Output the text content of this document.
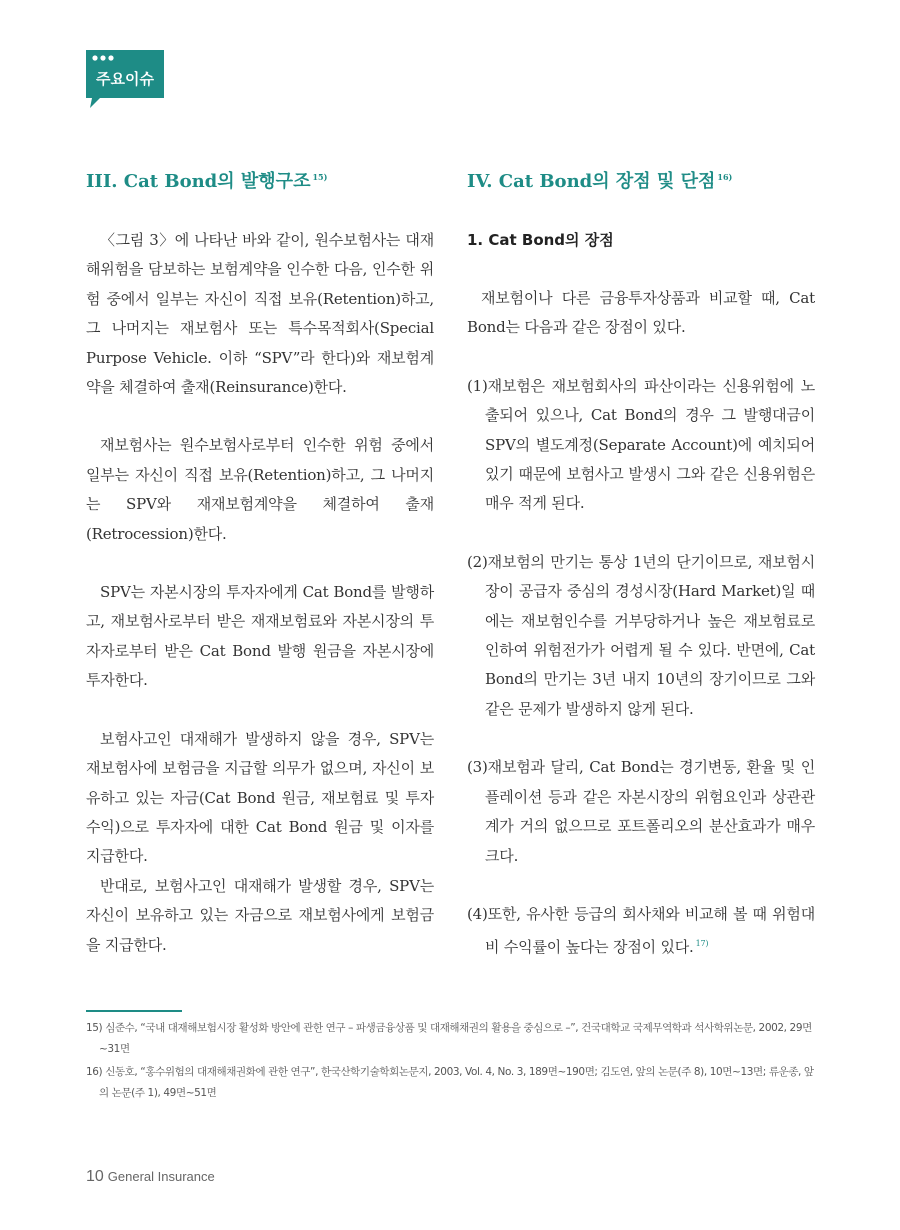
주요이슈
III. Cat Bond의 발행구조 $^{15)}$

〈그림 3〉에 나타난 바와 같이, 원수보험사는 대재해위험을 담보하는 보험계약을 인수한 다음, 인수한 위험 중에서 일부는 자신이 직접 보유(Retention)하고, 그 나머지는 재보험사 또는 특수목적회사(Special Purpose Vehicle. 이하 “SPV”라 한다)와 재보험계약을 체결하여 출재(Reinsurance)한다.

재보험사는 원수보험사로부터 인수한 위험 중에서 일부는 자신이 직접 보유(Retention)하고, 그 나머지는 SPV와 재재보험계약을 체결하여 출재(Retrocession)한다.

SPV는 자본시장의 투자자에게 Cat Bond를 발행하고, 재보험사로부터 받은 재재보험료와 자본시장의 투자자로부터 받은 Cat Bond 발행 원금을 자본시장에 투자한다.

보험사고인 대재해가 발생하지 않을 경우, SPV는 재보험사에 보험금을 지급할 의무가 없으며, 자신이 보유하고 있는 자금(Cat Bond 원금, 재보험료 및 투자수익)으로 투자자에 대한 Cat Bond 원금 및 이자를 지급한다.

반대로, 보험사고인 대재해가 발생할 경우, SPV는 자신이 보유하고 있는 자금으로 재보험사에게 보험금을 지급한다.

IV. Cat Bond의 장점 및 단점 $^{16)}$

1. Cat Bond의 장점

재보험이나 다른 금융투자상품과 비교할 때, Cat Bond는 다음과 같은 장점이 있다.

(1)재보험은 재보험회사의 파산이라는 신용위험에 노출되어 있으나, Cat Bond의 경우 그 발행대금이 SPV의 별도계정(Separate Account)에 예치되어 있기 때문에 보험사고 발생시 그와 같은 신용위험은 매우 적게 된다.

(2)재보험의 만기는 통상 1년의 단기이므로, 재보험시장이 공급자 중심의 경성시장(Hard Market)일 때에는 재보험인수를 거부당하거나 높은 재보험료로 인하여 위험전가가 어렵게 될 수 있다. 반면에, Cat Bond의 만기는 3년 내지 10년의 장기이므로 그와 같은 문제가 발생하지 않게 된다.

(3)재보험과 달리, Cat Bond는 경기변동, 환율 및 인플레이션 등과 같은 자본시장의 위험요인과 상관관계가 거의 없으므로 포트폴리오의 분산효과가 매우 크다.

(4)또한, 유사한 등급의 회사채와 비교해 볼 때 위험대비 수익률이 높다는 장점이 있다. $^{17)}$

15) 심준수, “국내 대재해보험시장 활성화 방안에 관한 연구 – 파생금융상품 및 대재해채권의 활용을 중심으로 –”, 건국대학교 국제무역학과 석사학위논문, 2002, 29면~31면

16) 신동호, “홍수위험의 대재해채권화에 관한 연구”, 한국산학기술학회논문지, 2003, Vol. 4, No. 3, 189면~190면; 김도연, 앞의 논문(주 8), 10면~13면; 류운종, 앞의 논문(주 1), 49면~51면

10 General Insurance
